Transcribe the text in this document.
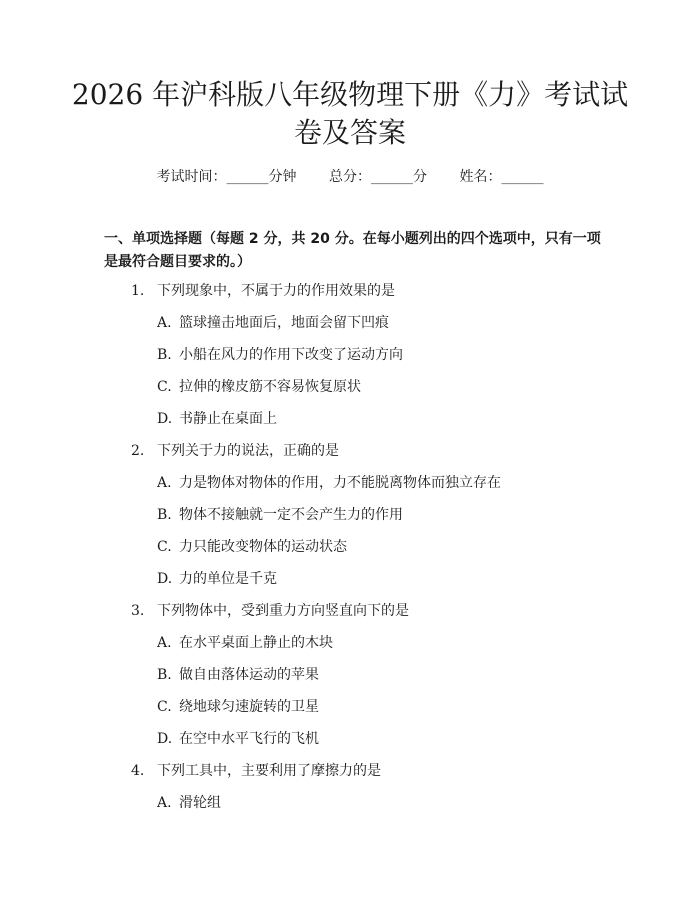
2026 年沪科版八年级物理下册《力》考试试
卷及答案
考试时间：______分钟 总分：______分 姓名：______

一、单项选择题（每题 2 分，共 20 分。在每小题列出的四个选项中，只有一项是最符合题目要求的。）

1. 下列现象中，不属于力的作用效果的是
A. 篮球撞击地面后，地面会留下凹痕
B. 小船在风力的作用下改变了运动方向
C. 拉伸的橡皮筋不容易恢复原状
D. 书静止在桌面上
2. 下列关于力的说法，正确的是
A. 力是物体对物体的作用，力不能脱离物体而独立存在
B. 物体不接触就一定不会产生力的作用
C. 力只能改变物体的运动状态
D. 力的单位是千克
3. 下列物体中，受到重力方向竖直向下的是
A. 在水平桌面上静止的木块
B. 做自由落体运动的苹果
C. 绕地球匀速旋转的卫星
D. 在空中水平飞行的飞机
4. 下列工具中，主要利用了摩擦力的是
A. 滑轮组
